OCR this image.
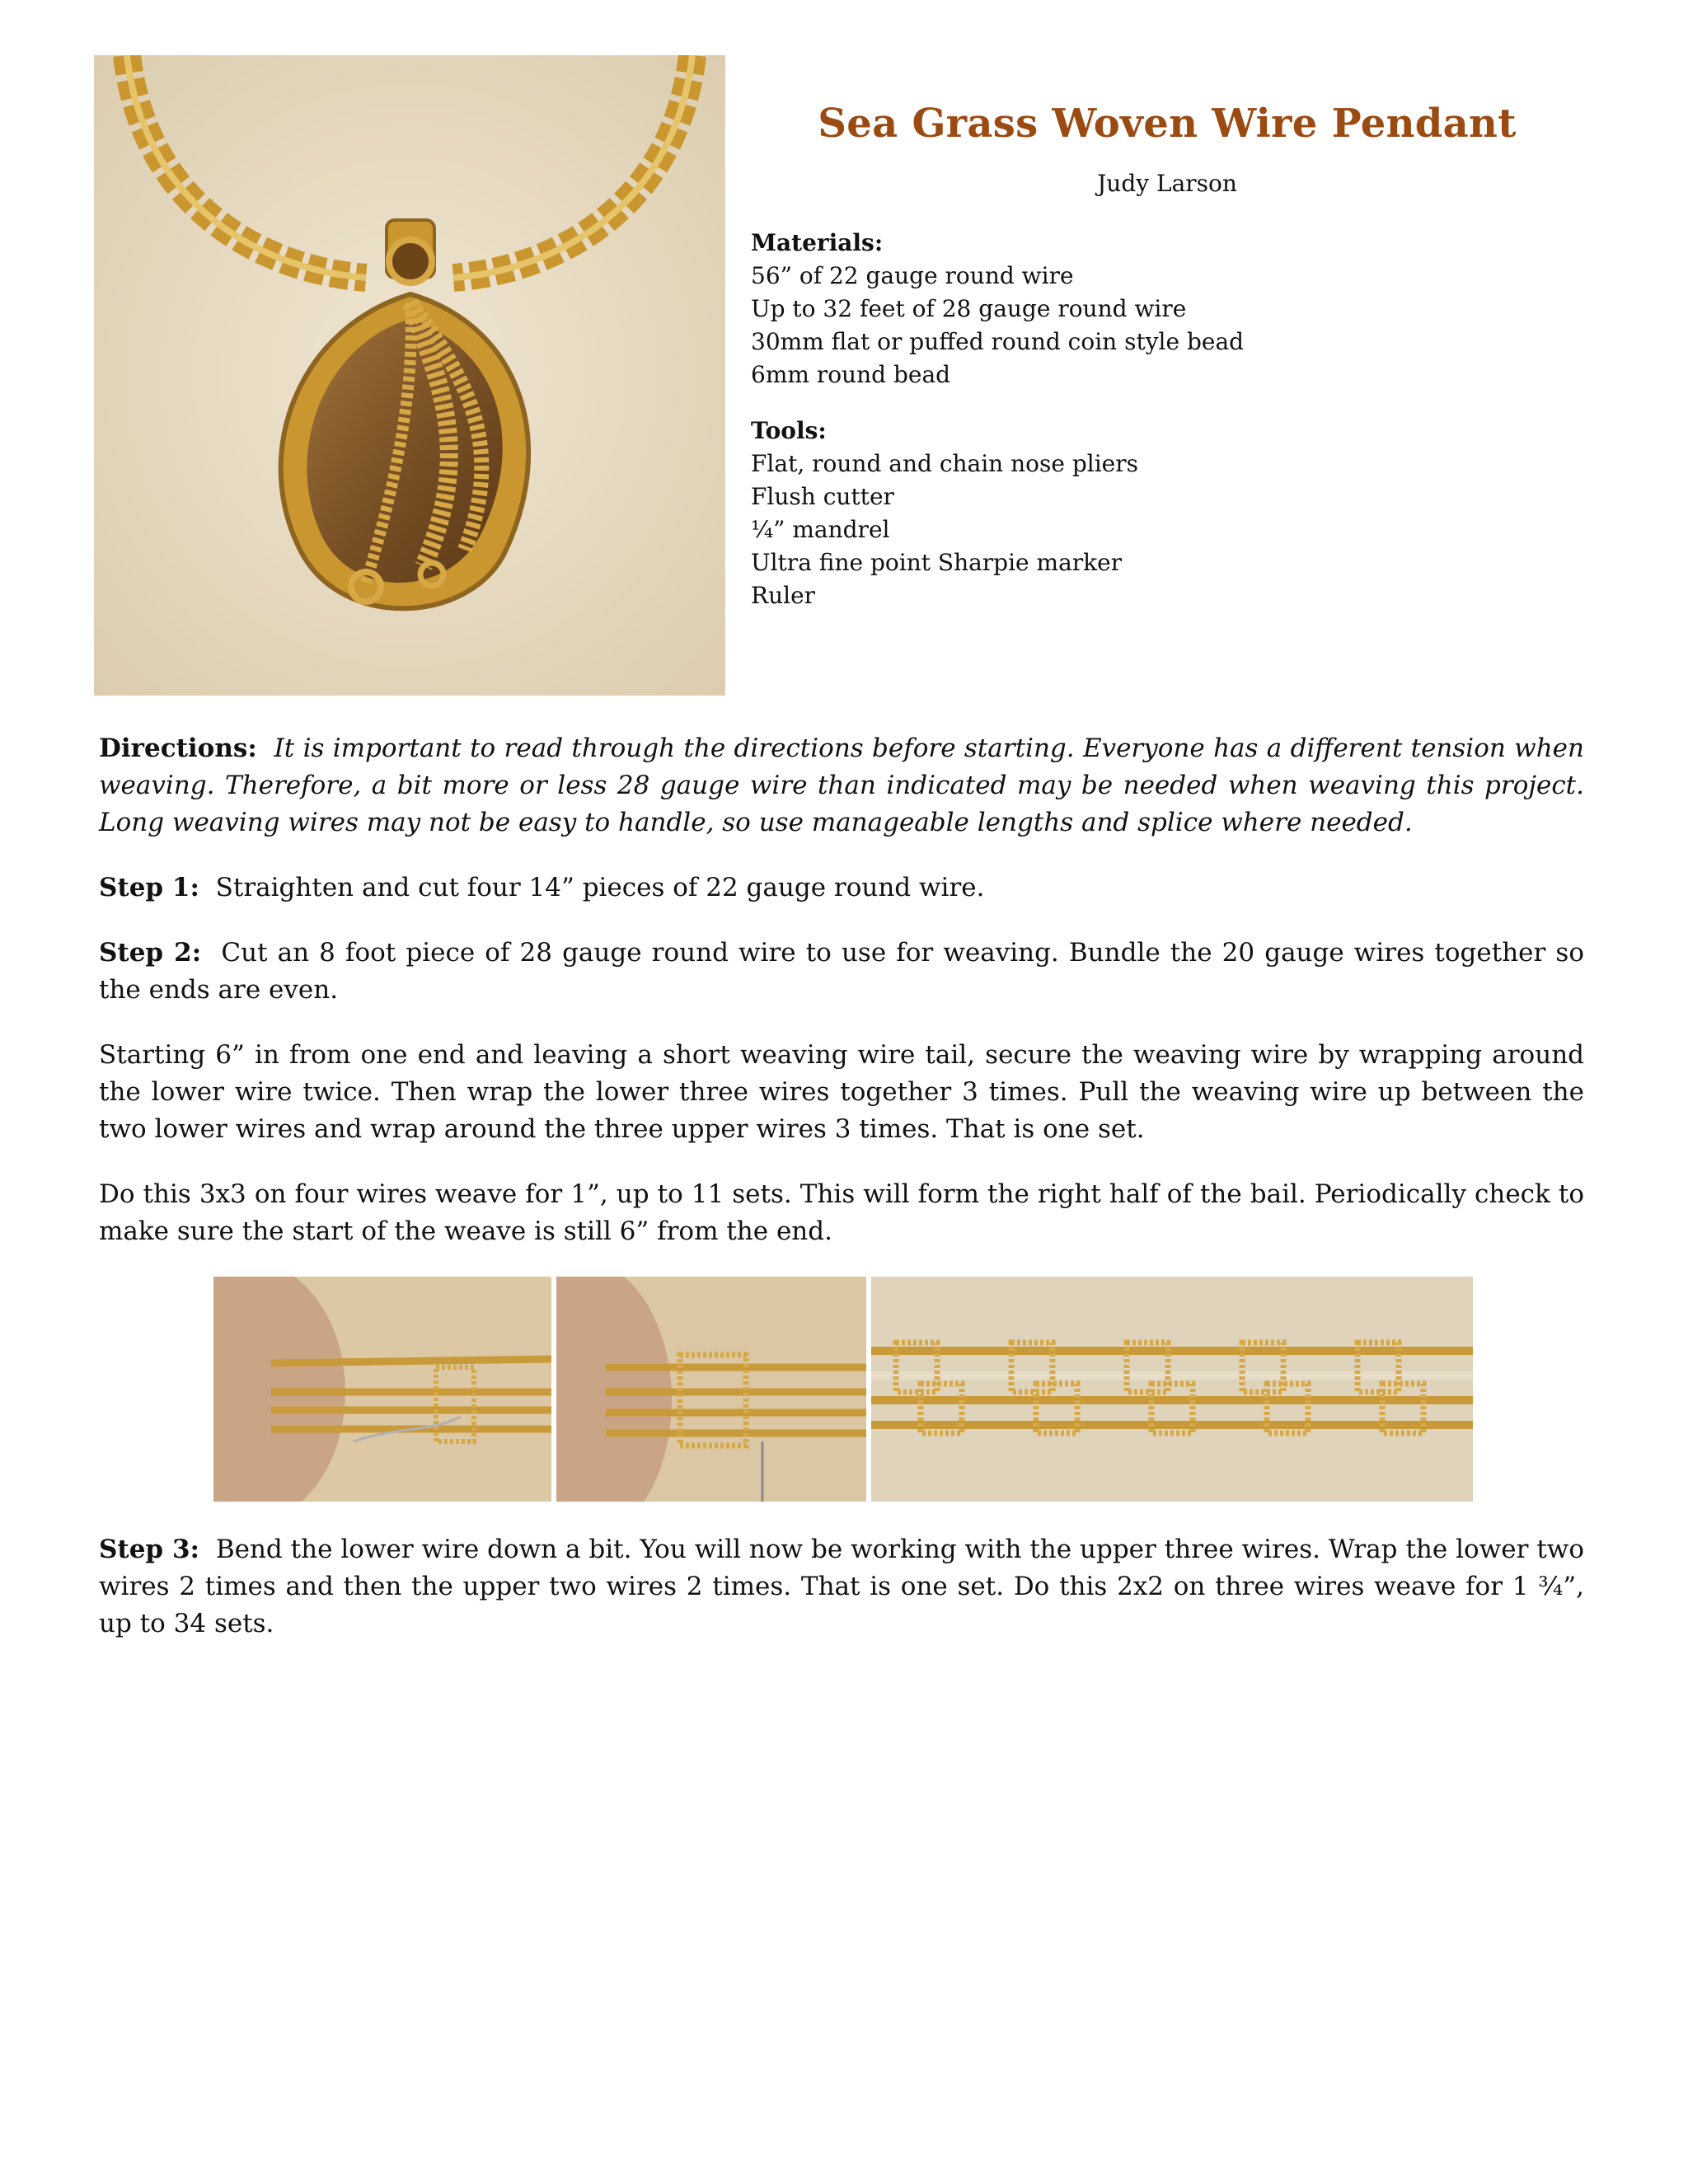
Sea Grass Woven Wire Pendant
Judy Larson
Materials:
56” of 22 gauge round wire
Up to 32 feet of 28 gauge round wire
30mm flat or puffed round coin style bead
6mm round bead
Tools:
Flat, round and chain nose pliers
Flush cutter
¼” mandrel
Ultra fine point Sharpie marker
Ruler

Directions: It is important to read through the directions before starting. Everyone has a different tension when weaving. Therefore, a bit more or less 28 gauge wire than indicated may be needed when weaving this project. Long weaving wires may not be easy to handle, so use manageable lengths and splice where needed.

Step 1: Straighten and cut four 14” pieces of 22 gauge round wire.

Step 2: Cut an 8 foot piece of 28 gauge round wire to use for weaving. Bundle the 20 gauge wires together so the ends are even.

Starting 6” in from one end and leaving a short weaving wire tail, secure the weaving wire by wrapping around the lower wire twice. Then wrap the lower three wires together 3 times. Pull the weaving wire up between the two lower wires and wrap around the three upper wires 3 times. That is one set.

Do this 3x3 on four wires weave for 1”, up to 11 sets. This will form the right half of the bail. Periodically check to make sure the start of the weave is still 6” from the end.

Step 3: Bend the lower wire down a bit. You will now be working with the upper three wires. Wrap the lower two wires 2 times and then the upper two wires 2 times. That is one set. Do this 2x2 on three wires weave for 1 ¾”, up to 34 sets.
